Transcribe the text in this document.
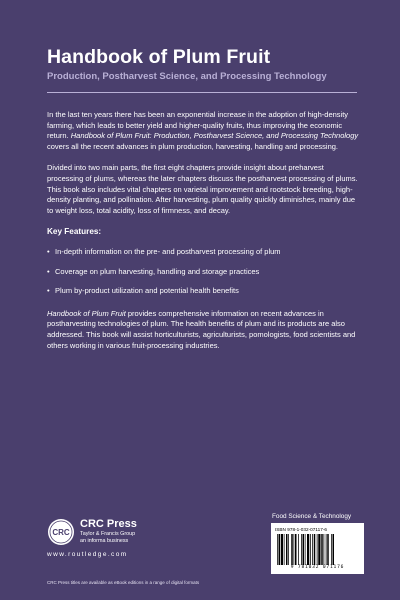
Handbook of Plum Fruit
Production, Postharvest Science, and Processing Technology

In the last ten years there has been an exponential increase in the adoption of high-density farming, which leads to better yield and higher-quality fruits, thus improving the economic return. Handbook of Plum Fruit: Production, Postharvest Science, and Processing Technology covers all the recent advances in plum production, harvesting, handling and processing.

Divided into two main parts, the first eight chapters provide insight about preharvest processing of plums, whereas the later chapters discuss the postharvest processing of plums. This book also includes vital chapters on varietal improvement and rootstock breeding, high-density planting, and pollination. After harvesting, plum quality quickly diminishes, mainly due to weight loss, total acidity, loss of firmness, and decay.

Key Features:
• In-depth information on the pre- and postharvest processing of plum
• Coverage on plum harvesting, handling and storage practices
• Plum by-product utilization and potential health benefits

Handbook of Plum Fruit provides comprehensive information on recent advances in postharvesting technologies of plum. The health benefits of plum and its products are also addressed. This book will assist horticulturists, agriculturists, pomologists, food scientists and others working in various fruit-processing industries.

CRC
CRC Press
Taylor & Francis Group
an informa business
www.routledge.com
CRC Press titles are available as eBook editions in a range of digital formats
Food Science & Technology
ISBN 978-1-032-07117-6
9 781032 071176
